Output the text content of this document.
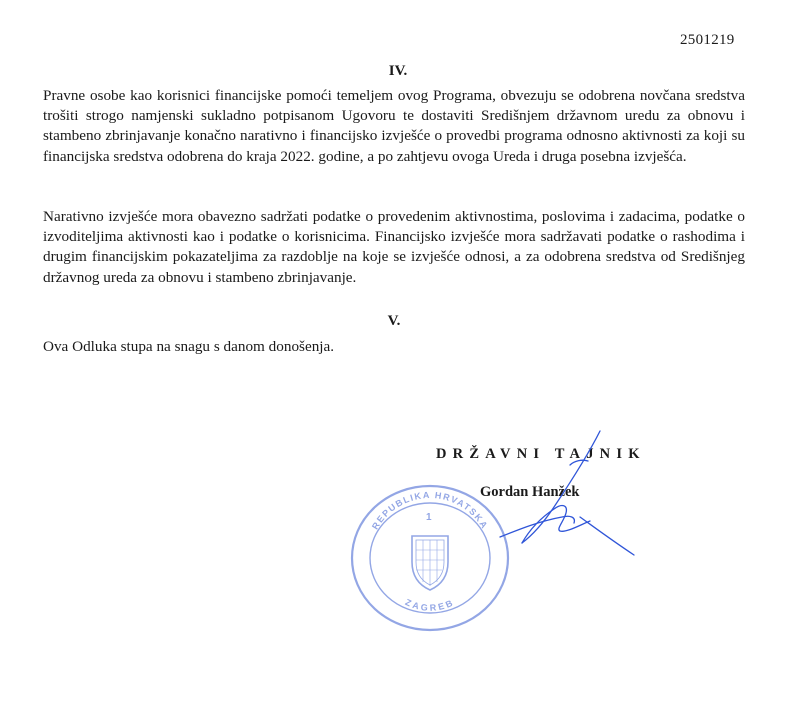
2501219
IV.

Pravne osobe kao korisnici financijske pomoći temeljem ovog Programa, obvezuju se odobrena novčana sredstva trošiti strogo namjenski sukladno potpisanom Ugovoru te dostaviti Središnjem državnom uredu za obnovu i stambeno zbrinjavanje konačno narativno i financijsko izvješće o provedbi programa odnosno aktivnosti za koji su financijska sredstva odobrena do kraja 2022. godine, a po zahtjevu ovoga Ureda i druga posebna izvješća.

Narativno izvješće mora obavezno sadržati podatke o provedenim aktivnostima, poslovima i zadacima, podatke o izvoditeljima aktivnosti kao i podatke o korisnicima. Financijsko izvješće mora sadržavati podatke o rashodima i drugim financijskim pokazateljima za razdoblje na koje se izvješće odnosi, a za odobrena sredstva od Središnjeg državnog ureda za obnovu i stambeno zbrinjavanje.

V.

Ova Odluka stupa na snagu s danom donošenja.

REPUBLIKA HRVATSKA
ZAGREB
1
DRŽAVNI TAJNIK
Gordan Hanžek
